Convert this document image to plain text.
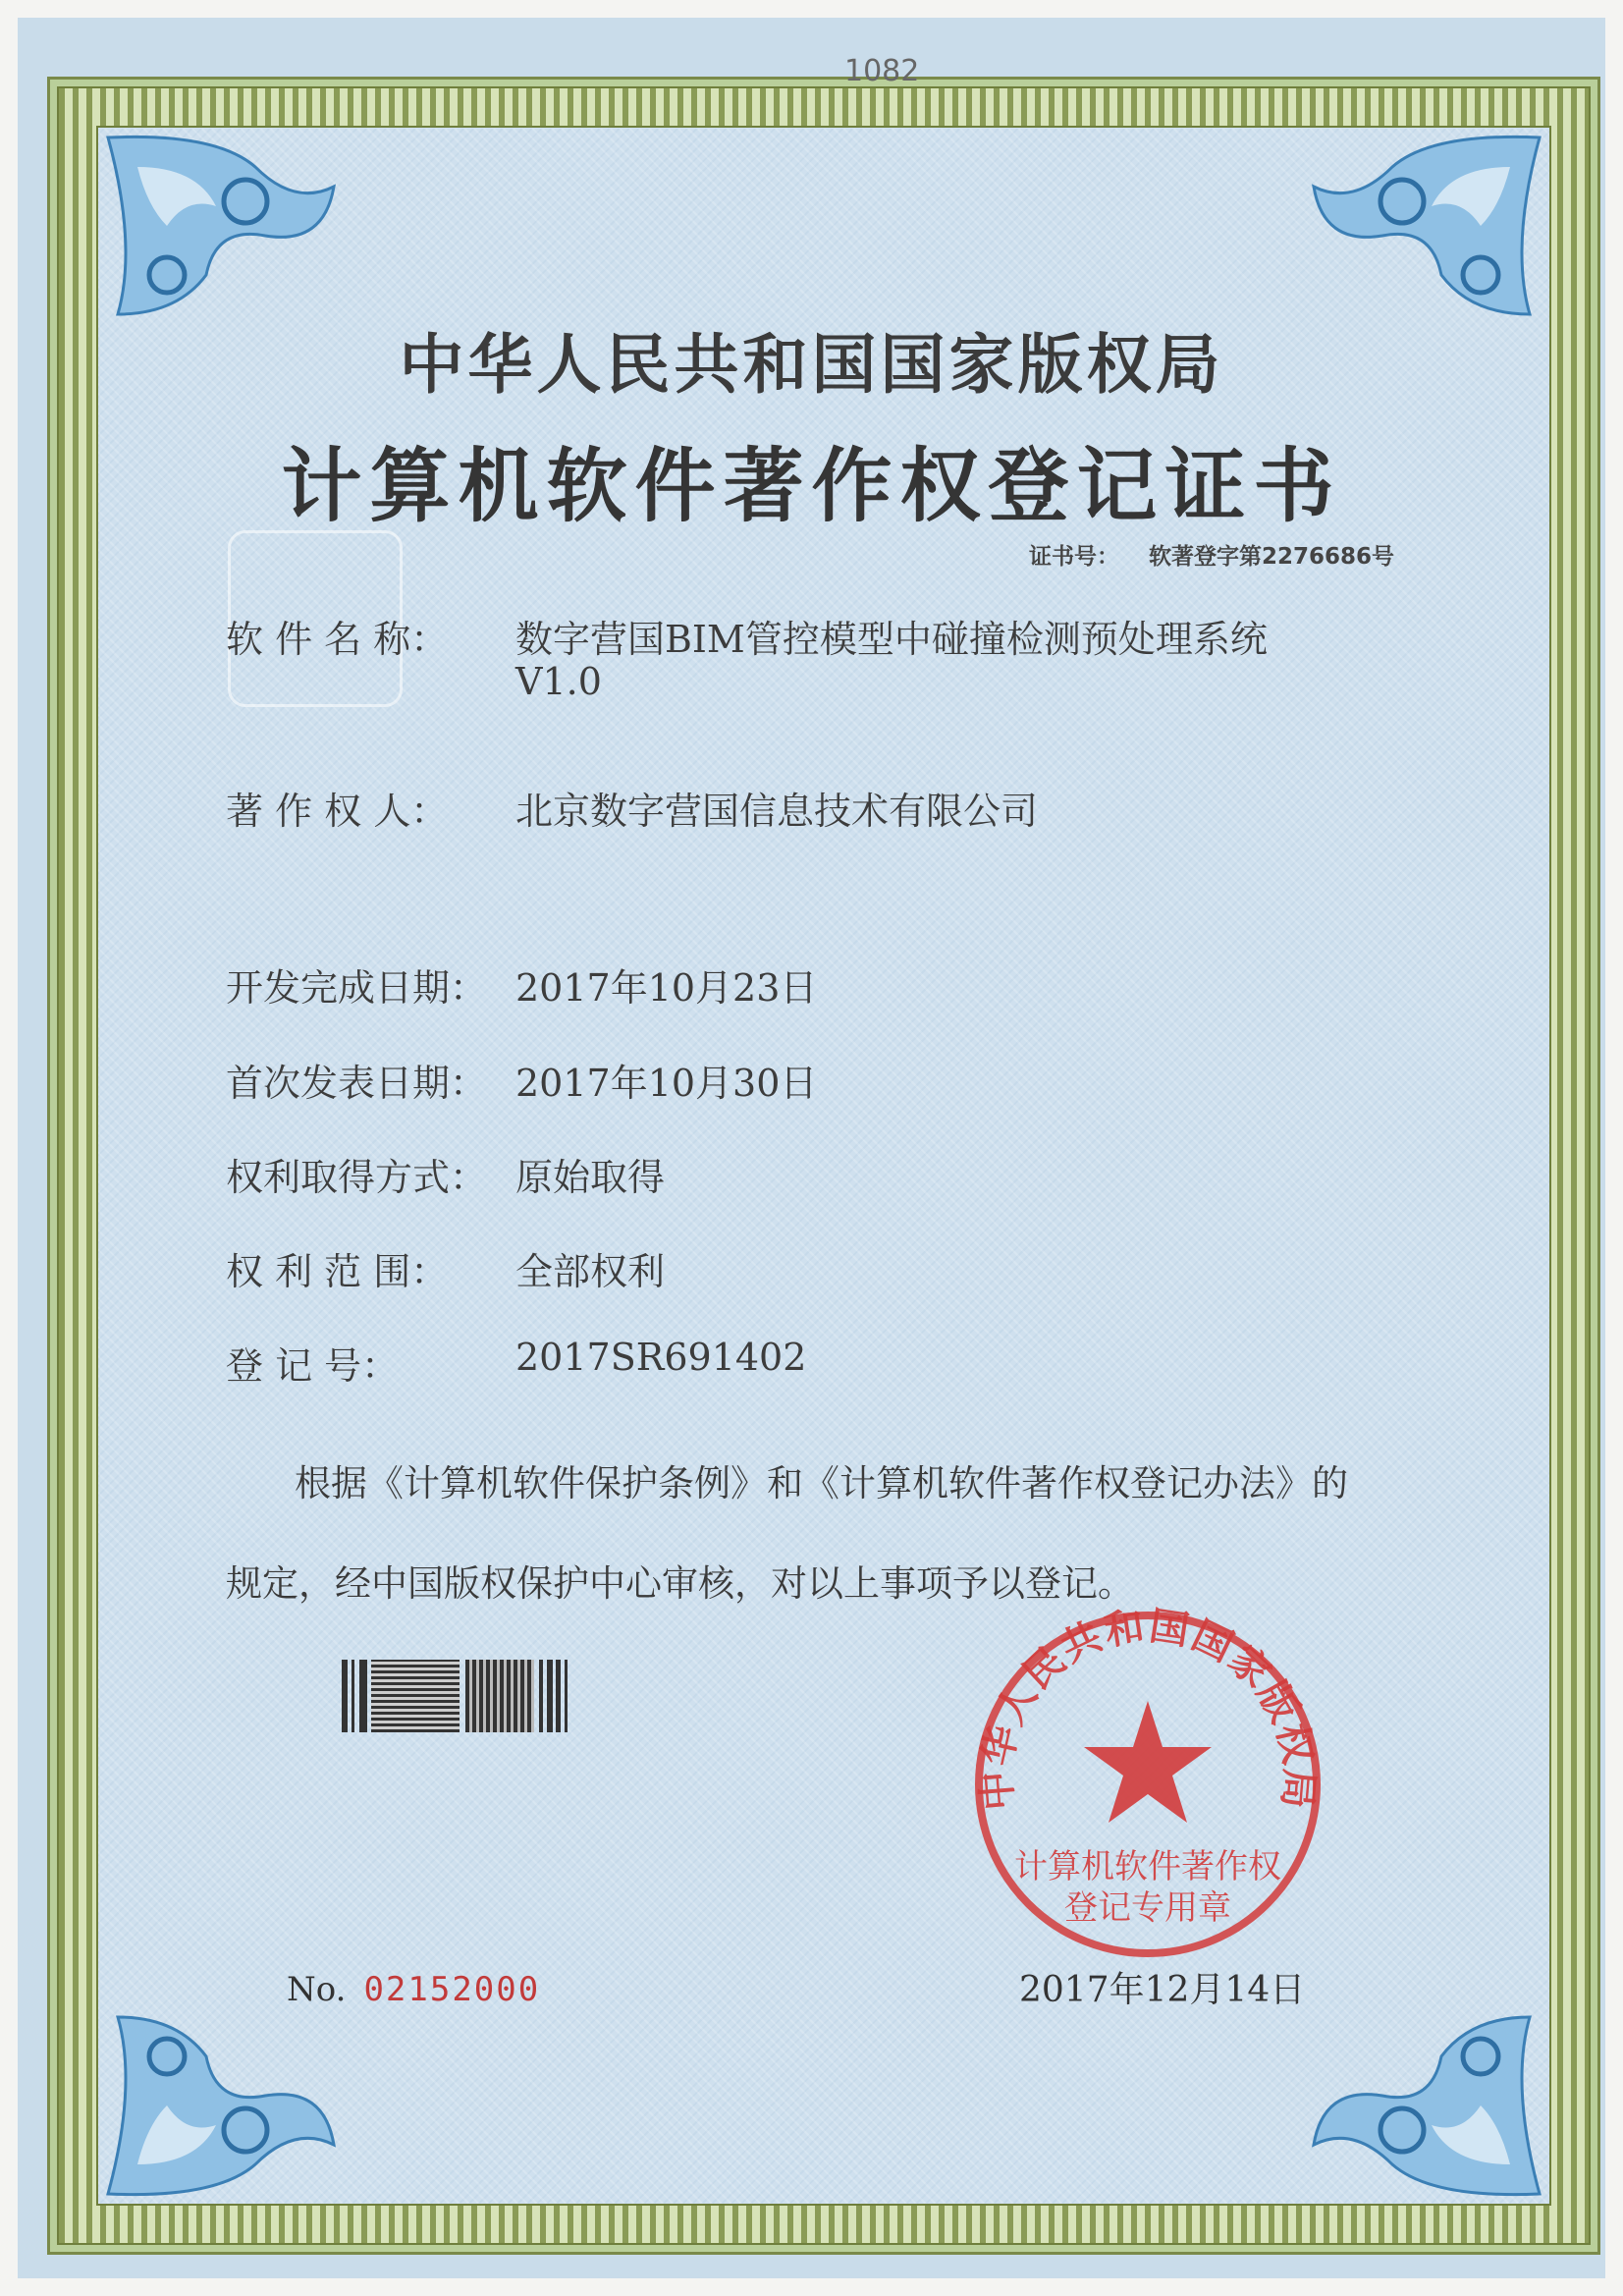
1082
中华人民共和国国家版权局
计算机软件著作权登记证书
证书号： 软著登字第2276686号
软 件 名 称： 数字营国BIM管控模型中碰撞检测预处理系统
V1.0
著 作 权 人： 北京数字营国信息技术有限公司
开发完成日期： 2017年10月23日
首次发表日期： 2017年10月30日
权利取得方式： 原始取得
权 利 范 围： 全部权利
登 记 号：	2017SR691402
根据《计算机软件保护条例》和《计算机软件著作权登记办法》的
规定，经中国版权保护中心审核，对以上事项予以登记。
中华人民共和国国家版权局
计算机软件著作权
登记专用章
No. 02152000	2017年12月14日
